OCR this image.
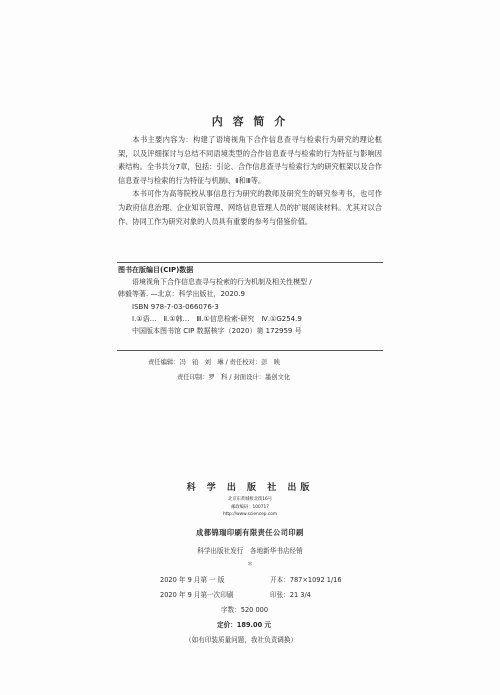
内 容 简 介

本书主要内容为：构建了语境视角下合作信息查寻与检索行为研究的理论框架，以及评细探讨与总结不同语境类型的合作信息查寻与检索的行为特征与影响因素结构。全书共分7章，包括：引论、合作信息查寻与检索行为的研究框架以及合作信息查寻与检索的行为特征与机制Ⅰ、Ⅱ和Ⅲ等。

本书可作为高等院校从事信息行为研究的教师及研究生的研究参考书，也可作为政府信息治理、企业知识管理、网络信息管理人员的扩展阅读材料。尤其对以合作、协同工作为研究对象的人员具有重要的参考与借鉴价值。

图书在版编目(CIP)数据
语境视角下合作信息查寻与检索的行为机制及相关性模型 /
韩毅等著. —北京：科学出版社，2020.9
ISBN 978-7-03-066076-3
Ⅰ.①语…　Ⅱ.①韩…　Ⅲ.①信息检索-研究　Ⅳ.①G254.9
中国版本图书馆 CIP 数据核字（2020）第 172959 号
责任编辑：冯　铂　刘　琳 / 责任校对：彭　映
责任印制：罗　科 / 封面设计：墨创文化
科 学 出 版 社 出版
北京东黄城根北街16号
邮政编码：100717
http://www.sciencep.com
成都锦瑞印刷有限责任公司印刷
科学出版社发行　各地新华书店经销
＊
2020 年 9 月第 一 版	开本：787×1092 1/16
2020 年 9 月第一次印刷	印张：21 3/4
字数：520 000
定价：189.00 元
（如有印装质量问题，我社负责调换）
